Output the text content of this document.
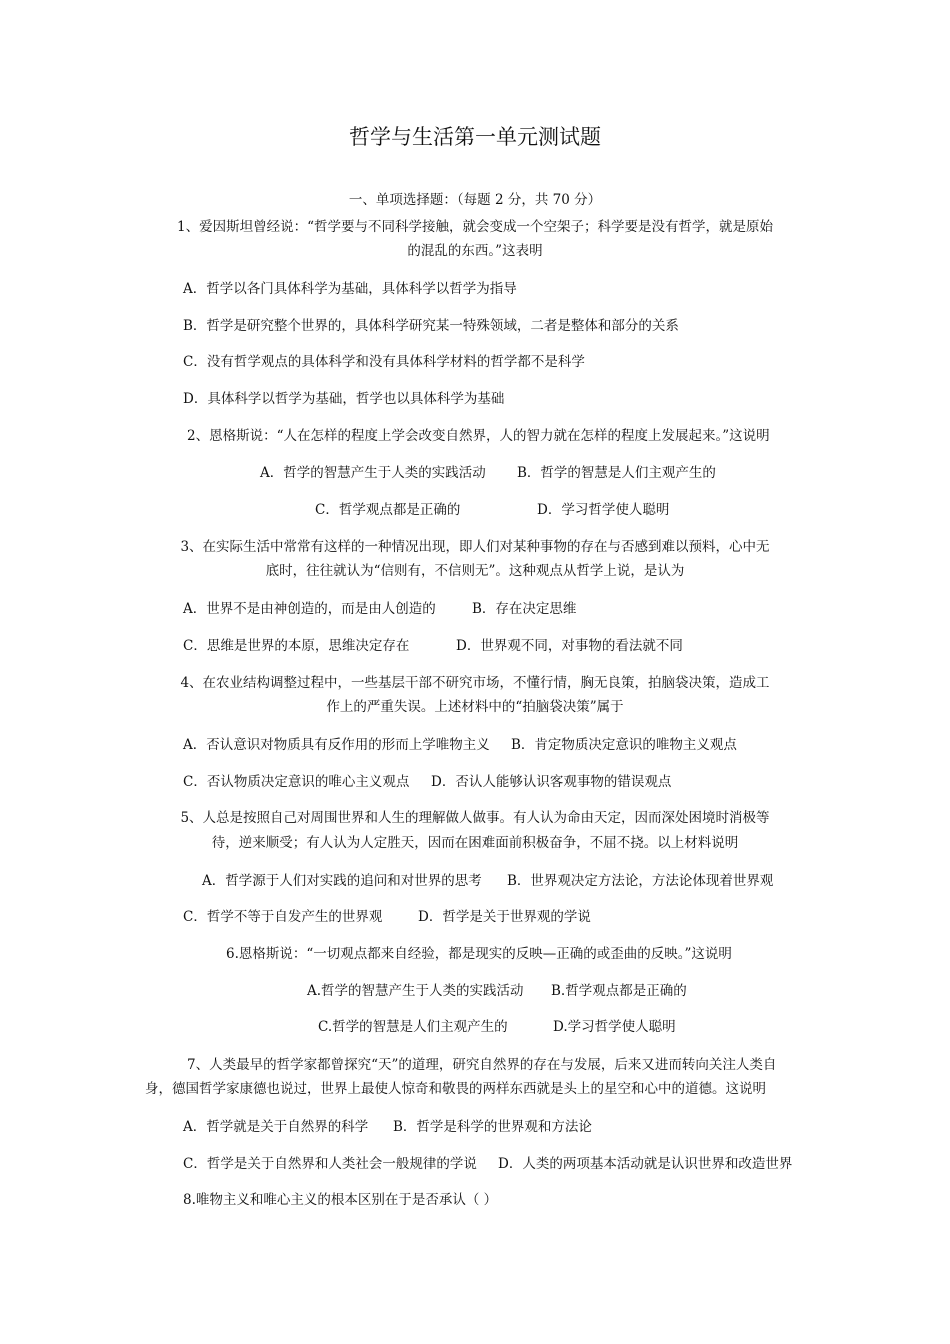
哲学与生活第一单元测试题
一、单项选择题：（每题 2 分，共 70 分）
1、爱因斯坦曾经说：“哲学要与不同科学接触，就会变成一个空架子；科学要是没有哲学，就是原始
的混乱的东西。”这表明
A．哲学以各门具体科学为基础，具体科学以哲学为指导
B．哲学是研究整个世界的，具体科学研究某一特殊领域，二者是整体和部分的关系
C．没有哲学观点的具体科学和没有具体科学材料的哲学都不是科学
D．具体科学以哲学为基础，哲学也以具体科学为基础
2、恩格斯说：“人在怎样的程度上学会改变自然界，人的智力就在怎样的程度上发展起来。”这说明
A．哲学的智慧产生于人类的实践活动 B．哲学的智慧是人们主观产生的
C．哲学观点都是正确的	D．学习哲学使人聪明
3、在实际生活中常常有这样的一种情况出现，即人们对某种事物的存在与否感到难以预料，心中无
底时，往往就认为“信则有，不信则无”。这种观点从哲学上说，是认为
A．世界不是由神创造的，而是由人创造的	B．存在决定思维
C．思维是世界的本原，思维决定存在	D．世界观不同，对事物的看法就不同
4、在农业结构调整过程中，一些基层干部不研究市场，不懂行情，胸无良策，拍脑袋决策，造成工
作上的严重失误。上述材料中的“拍脑袋决策”属于
A．否认意识对物质具有反作用的形而上学唯物主义 B．肯定物质决定意识的唯物主义观点
C．否认物质决定意识的唯心主义观点 D．否认人能够认识客观事物的错误观点
5、人总是按照自己对周围世界和人生的理解做人做事。有人认为命由天定，因而深处困境时消极等
待，逆来顺受；有人认为人定胜天，因而在困难面前积极奋争，不屈不挠。以上材料说明
A．哲学源于人们对实践的追问和对世界的思考 B．世界观决定方法论，方法论体现着世界观
C．哲学不等于自发产生的世界观	D．哲学是关于世界观的学说
6.恩格斯说：“一切观点都来自经验，都是现实的反映—正确的或歪曲的反映。”这说明
A.哲学的智慧产生于人类的实践活动 B.哲学观点都是正确的
C.哲学的智慧是人们主观产生的	D.学习哲学使人聪明
7、人类最早的哲学家都曾探究“天”的道理，研究自然界的存在与发展，后来又进而转向关注人类自
身，德国哲学家康德也说过，世界上最使人惊奇和敬畏的两样东西就是头上的星空和心中的道德。这说明
A．哲学就是关于自然界的科学 B．哲学是科学的世界观和方法论
C．哲学是关于自然界和人类社会一般规律的学说 D．人类的两项基本活动就是认识世界和改造世界
8.唯物主义和唯心主义的根本区别在于是否承认（ ）
